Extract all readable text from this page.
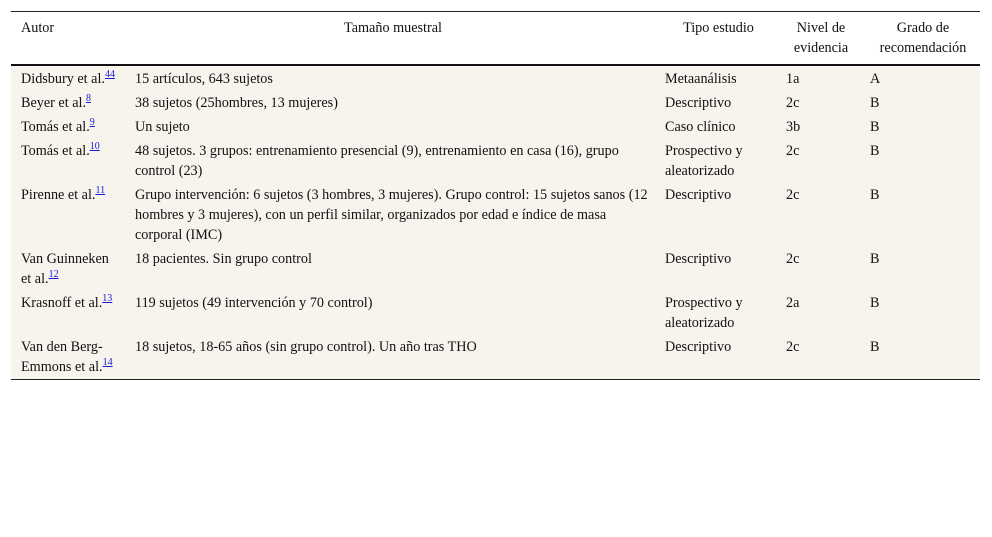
Autor	Tamaño muestral	Tipo estudio	Nivel de evidencia	Grado de recomendación
Didsbury et al.$^{44}$	15 artículos, 643 sujetos	Metaanálisis	1a	A
Beyer et al.$^8$	38 sujetos (25hombres, 13 mujeres)	Descriptivo	2c	B
Tomás et al.$^9$	Un sujeto	Caso clínico	3b	B
Tomás et al.$^{10}$	48 sujetos. 3 grupos: entrenamiento presencial (9), entrenamiento en casa (16), grupo control (23)	Prospectivo y aleatorizado	2c	B
Pirenne et al.$^{11}$	Grupo intervención: 6 sujetos (3 hombres, 3 mujeres). Grupo control: 15 sujetos sanos (12 hombres y 3 mujeres), con un perfil similar, organizados por edad e índice de masa corporal (IMC)	Descriptivo	2c	B
Van Guinneken et al.$^{12}$	18 pacientes. Sin grupo control	Descriptivo	2c	B
Krasnoff et al.$^{13}$	119 sujetos (49 intervención y 70 control)	Prospectivo y aleatorizado	2a	B
Van den Berg-Emmons et al.$^{14}$	18 sujetos, 18-65 años (sin grupo control). Un año tras THO	Descriptivo	2c	B
